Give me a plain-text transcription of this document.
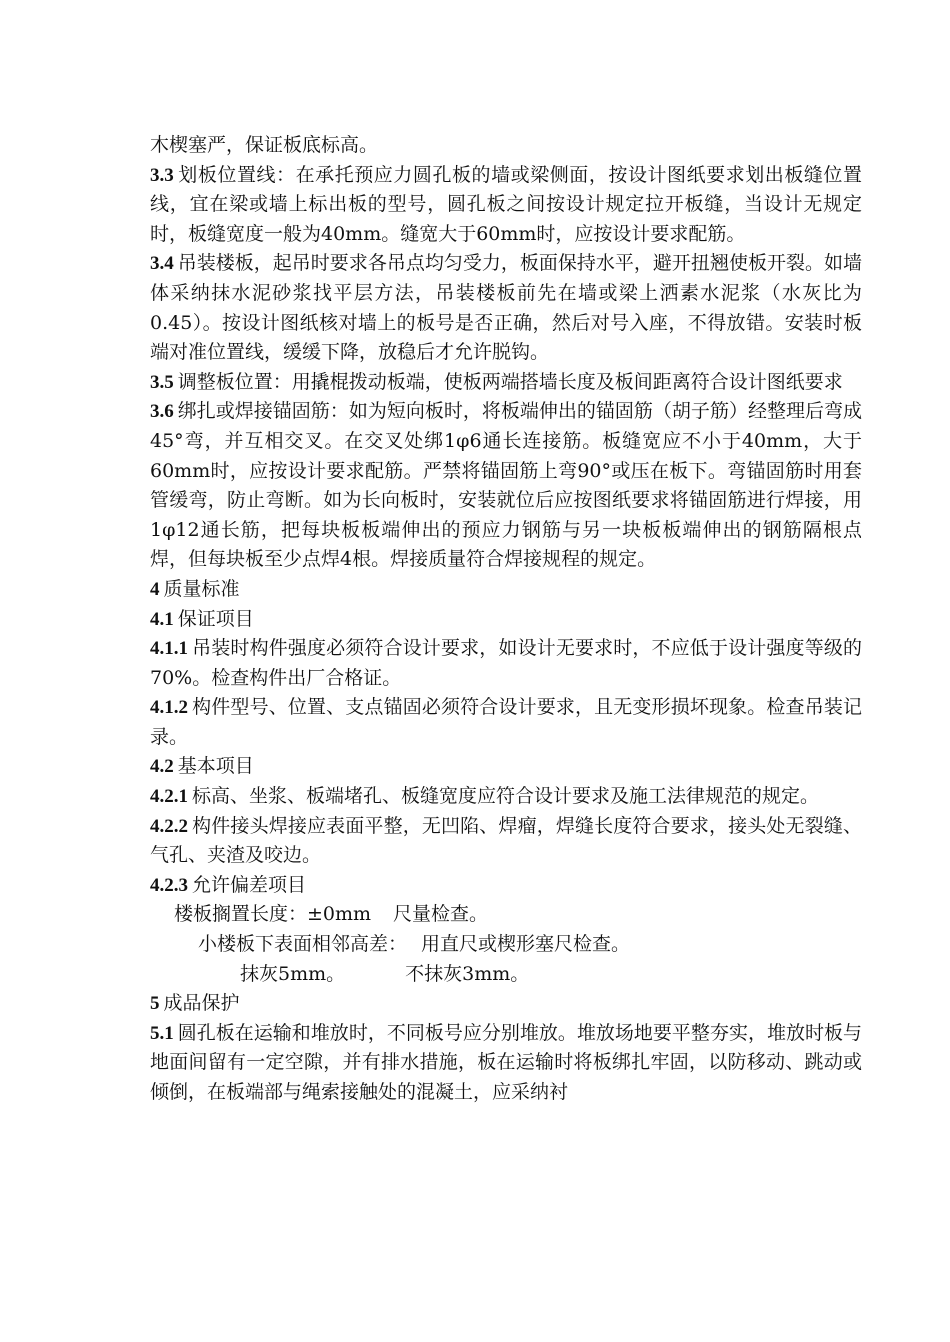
木楔塞严，保证板底标高。

3.3 划板位置线：在承托预应力圆孔板的墙或梁侧面，按设计图纸要求划出板缝位置线，宜在梁或墙上标出板的型号，圆孔板之间按设计规定拉开板缝，当设计无规定时，板缝宽度一般为40mm。缝宽大于60mm时，应按设计要求配筋。

3.4 吊装楼板，起吊时要求各吊点均匀受力，板面保持水平，避开扭翘使板开裂。如墙体采纳抹水泥砂浆找平层方法，吊装楼板前先在墙或梁上洒素水泥浆（水灰比为0.45）。按设计图纸核对墙上的板号是否正确，然后对号入座，不得放错。安装时板端对准位置线，缓缓下降，放稳后才允许脱钩。

3.5 调整板位置：用撬棍拨动板端，使板两端搭墙长度及板间距离符合设计图纸要求

3.6 绑扎或焊接锚固筋：如为短向板时，将板端伸出的锚固筋（胡子筋）经整理后弯成45°弯，并互相交叉。在交叉处绑1φ6通长连接筋。板缝宽应不小于40mm，大于60mm时，应按设计要求配筋。严禁将锚固筋上弯90°或压在板下。弯锚固筋时用套管缓弯，防止弯断。如为长向板时，安装就位后应按图纸要求将锚固筋进行焊接，用1φ12通长筋，把每块板板端伸出的预应力钢筋与另一块板板端伸出的钢筋隔根点焊，但每块板至少点焊4根。焊接质量符合焊接规程的规定。

4 质量标准

4.1 保证项目

4.1.1 吊装时构件强度必须符合设计要求，如设计无要求时，不应低于设计强度等级的70%。检查构件出厂合格证。

4.1.2 构件型号、位置、支点锚固必须符合设计要求，且无变形损坏现象。检查吊装记录。

4.2 基本项目

4.2.1 标高、坐浆、板端堵孔、板缝宽度应符合设计要求及施工法律规范的规定。

4.2.2 构件接头焊接应表面平整，无凹陷、焊瘤，焊缝长度符合要求，接头处无裂缝、气孔、夹渣及咬边。

4.2.3 允许偏差项目

楼板搁置长度：±0mm 尺量检查。

小楼板下表面相邻高差： 用直尺或楔形塞尺检查。

抹灰5mm。	不抹灰3mm。

5 成品保护

5.1 圆孔板在运输和堆放时，不同板号应分别堆放。堆放场地要平整夯实，堆放时板与地面间留有一定空隙，并有排水措施，板在运输时将板绑扎牢固，以防移动、跳动或倾倒，在板端部与绳索接触处的混凝土，应采纳衬
